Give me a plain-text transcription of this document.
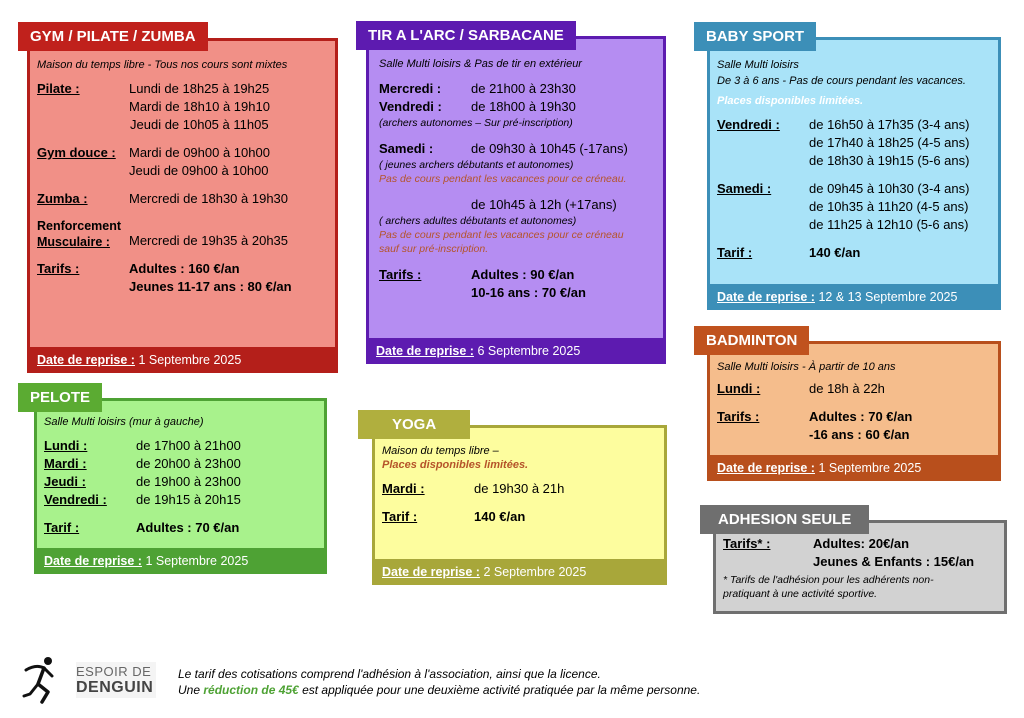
GYM / PILATE / ZUMBA
Maison du temps libre - Tous nos cours sont mixtes
Pilate :	Lundi de 18h25 à 19h25
Mardi de 18h10 à 19h10
Jeudi de 10h05 à 11h05
Gym douce :	Mardi de 09h00 à 10h00
Jeudi de 09h00 à 10h00
Zumba :	Mercredi de 18h30 à 19h30
Renforcement
Musculaire :	Mercredi de 19h35 à 20h35
Tarifs :	Adultes : 160 €/an
Jeunes 11-17 ans : 80 €/an
Date de reprise : 1 Septembre 2025
TIR A L'ARC / SARBACANE
Salle Multi loisirs & Pas de tir en extérieur
Mercredi :	de 21h00 à 23h30
Vendredi :	de 18h00 à 19h30
(archers autonomes – Sur pré-inscription)
Samedi :	de 09h30 à 10h45 (-17ans)
( jeunes archers débutants et autonomes)
Pas de cours pendant les vacances pour ce créneau.
de 10h45 à 12h (+17ans)
( archers adultes débutants et autonomes)
Pas de cours pendant les vacances pour ce créneau
sauf sur pré-inscription.
Tarifs :	Adultes : 90 €/an
10-16 ans : 70 €/an
Date de reprise : 6 Septembre 2025
BABY SPORT
Salle Multi loisirs
De 3 à 6 ans - Pas de cours pendant les vacances.
Places disponibles limitées.
Vendredi :	de 16h50 à 17h35 (3-4 ans)
de 17h40 à 18h25 (4-5 ans)
de 18h30 à 19h15 (5-6 ans)
Samedi :	de 09h45 à 10h30 (3-4 ans)
de 10h35 à 11h20 (4-5 ans)
de 11h25 à 12h10 (5-6 ans)
Tarif :	140 €/an
Date de reprise : 12 & 13 Septembre 2025
BADMINTON
Salle Multi loisirs - À partir de 10 ans
Lundi :	de 18h à 22h
Tarifs :	Adultes : 70 €/an
-16 ans : 60 €/an
Date de reprise : 1 Septembre 2025
PELOTE
Salle Multi loisirs (mur à gauche)
Lundi :	de 17h00 à 21h00
Mardi :	de 20h00 à 23h00
Jeudi :	de 19h00 à 23h00
Vendredi :	de 19h15 à 20h15
Tarif :	Adultes : 70 €/an
Date de reprise : 1 Septembre 2025
YOGA
Maison du temps libre –
Places disponibles limitées.
Mardi :	de 19h30 à 21h
Tarif :	140 €/an
Date de reprise : 2 Septembre 2025
ADHESION SEULE
Tarifs* :	Adultes: 20€/an
Jeunes & Enfants : 15€/an
* Tarifs de l'adhésion pour les adhérents non-
pratiquant à une activité sportive.
ESPOIR DE
DENGUIN
Le tarif des cotisations comprend l'adhésion à l'association, ainsi que la licence.
Une réduction de 45€ est appliquée pour une deuxième activité pratiquée par la même personne.
